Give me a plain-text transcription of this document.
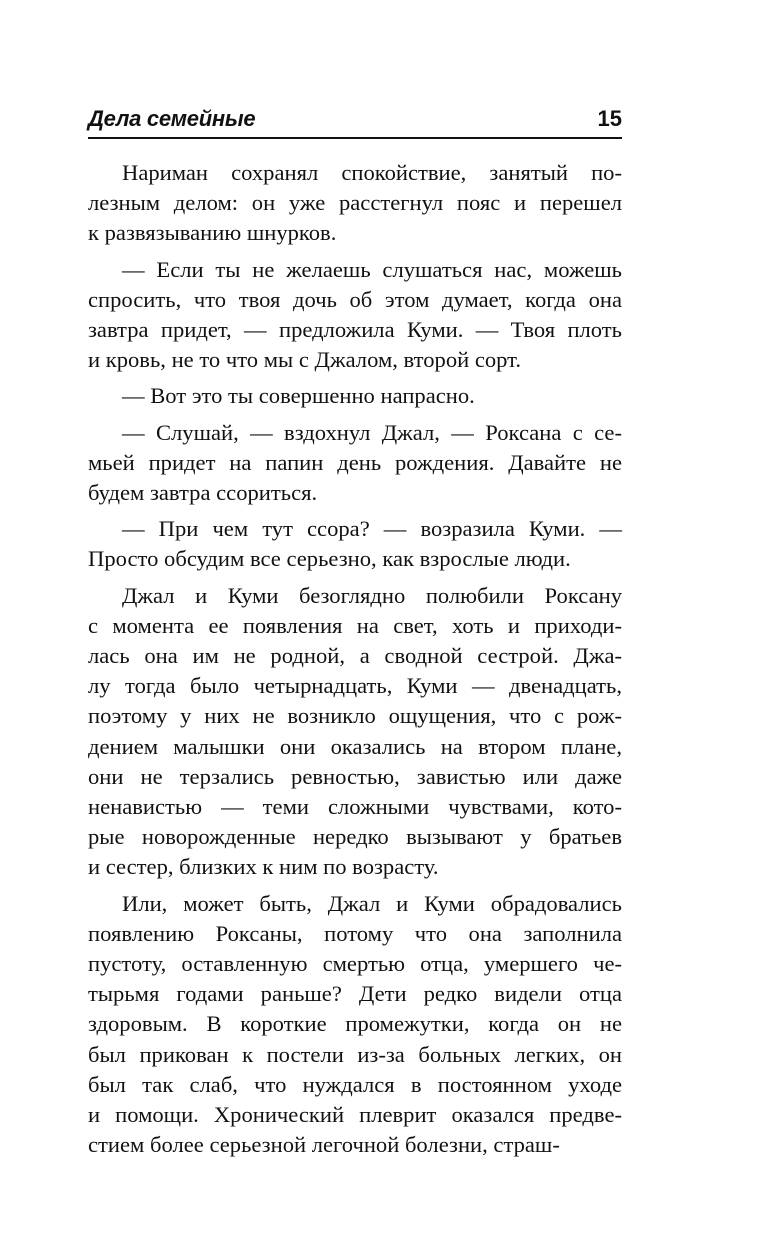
Дела семейные	15
Нариман сохранял спокойствие, занятый по-
лезным делом: он уже расстегнул пояс и перешел
к развязыванию шнурков.
— Если ты не желаешь слушаться нас, можешь
спросить, что твоя дочь об этом думает, когда она
завтра придет, — предложила Куми. — Твоя плоть
и кровь, не то что мы с Джалом, второй сорт.
— Вот это ты совершенно напрасно.
— Слушай, — вздохнул Джал, — Роксана с се-
мьей придет на папин день рождения. Давайте не
будем завтра ссориться.
— При чем тут ссора? — возразила Куми. —
Просто обсудим все серьезно, как взрослые люди.
Джал и Куми безоглядно полюбили Роксану
с момента ее появления на свет, хоть и приходи-
лась она им не родной, а сводной сестрой. Джа-
лу тогда было четырнадцать, Куми — двенадцать,
поэтому у них не возникло ощущения, что с рож-
дением малышки они оказались на втором плане,
они не терзались ревностью, завистью или даже
ненавистью — теми сложными чувствами, кото-
рые новорожденные нередко вызывают у братьев
и сестер, близких к ним по возрасту.
Или, может быть, Джал и Куми обрадовались
появлению Роксаны, потому что она заполнила
пустоту, оставленную смертью отца, умершего че-
тырьмя годами раньше? Дети редко видели отца
здоровым. В короткие промежутки, когда он не
был прикован к постели из-за больных легких, он
был так слаб, что нуждался в постоянном уходе
и помощи. Хронический плеврит оказался предве-
стием более серьезной легочной болезни, страш-
